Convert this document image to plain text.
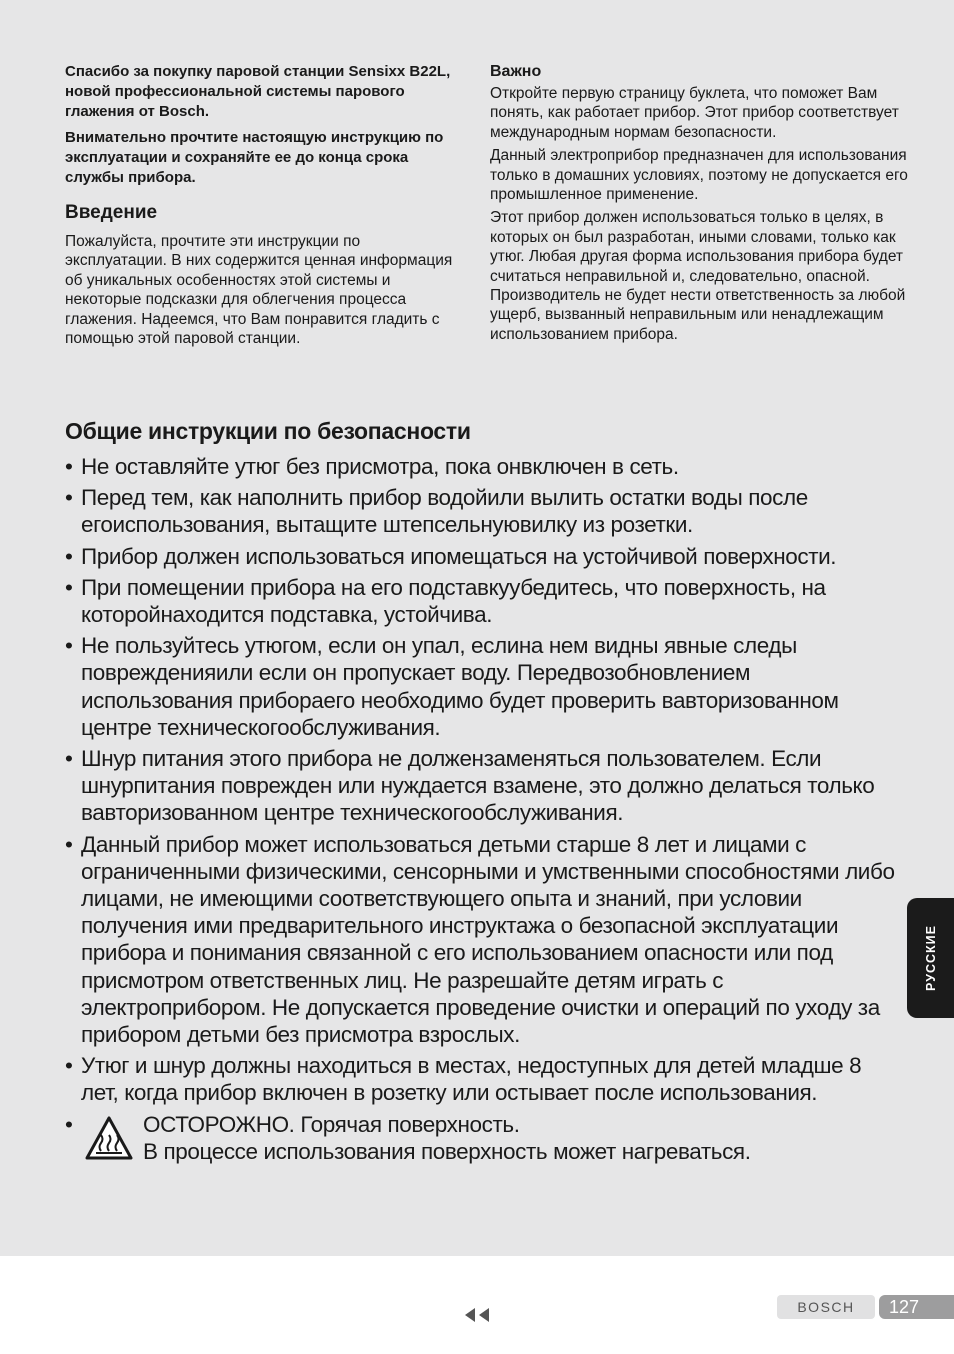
Спасибо за покупку паровой станции Sensixx B22L, новой профессиональной системы парового глажения от Bosch.

Внимательно прочтите настоящую инструкцию по эксплуатации и сохраняйте ее до конца срока службы прибора.

Введение

Пожалуйста, прочтите эти инструкции по эксплуатации. В них содержится ценная информация об уникальных особенностях этой системы и некоторые подсказки для облегчения процесса глажения. Надеемся, что Вам понравится гладить с помощью этой паровой станции.

Важно

Откройте первую страницу буклета, что поможет Вам понять, как работает прибор. Этот прибор соответствует международным нормам безопасности.

Данный электроприбор предназначен для использования только в домашних условиях, поэтому не допускается его промышленное применение.

Этот прибор должен использоваться только в целях, в которых он был разработан, иными словами, только как утюг. Любая другая форма использования прибора будет считаться неправильной и, следовательно, опасной. Производитель не будет нести ответственность за любой ущерб, вызванный неправильным или ненадлежащим использованием прибора.

Общие инструкции по безопасности
• Не оставляйте утюг без присмотра, пока онвключен в сеть.
• Перед тем, как наполнить прибор водойили вылить остатки воды после егоиспользования, вытащите штепсельнуювилку из розетки.
• Прибор должен использоваться ипомещаться на устойчивой поверхности.
• При помещении прибора на его подставкуубедитесь, что поверхность, на которойнаходится подставка, устойчива.
• Не пользуйтесь утюгом, если он упал, еслина нем видны явные следы поврежденияили если он пропускает воду. Передвозобновлением использования прибораего необходимо будет проверить вавторизованном центре техническогообслуживания.
• Шнур питания этого прибора не должензаменяться пользователем. Если шнурпитания поврежден или нуждается взамене, это должно делаться только вавторизованном центре техническогообслуживания.
• Данный прибор может использоваться детьми старше 8 лет и лицами с ограниченными физическими, сенсорными и умственными способностями либо лицами, не имеющими соответствующего опыта и знаний, при условии получения ими предварительного инструктажа о безопасной эксплуатации прибора и понимания связанной с его использованием опасности или под присмотром ответственных лиц. Не разрешайте детям играть с электроприбором. Не допускается проведение очистки и операций по уходу за прибором детьми без присмотра взрослых.
• Утюг и шнур должны находиться в местах, недоступных для детей младше 8 лет, когда прибор включен в розетку или остывает после использования.
•	ОСТОРОЖНО. Горячая поверхность.
В процессе использования поверхность может нагреваться.
РУССКИЕ
BOSCH	127
